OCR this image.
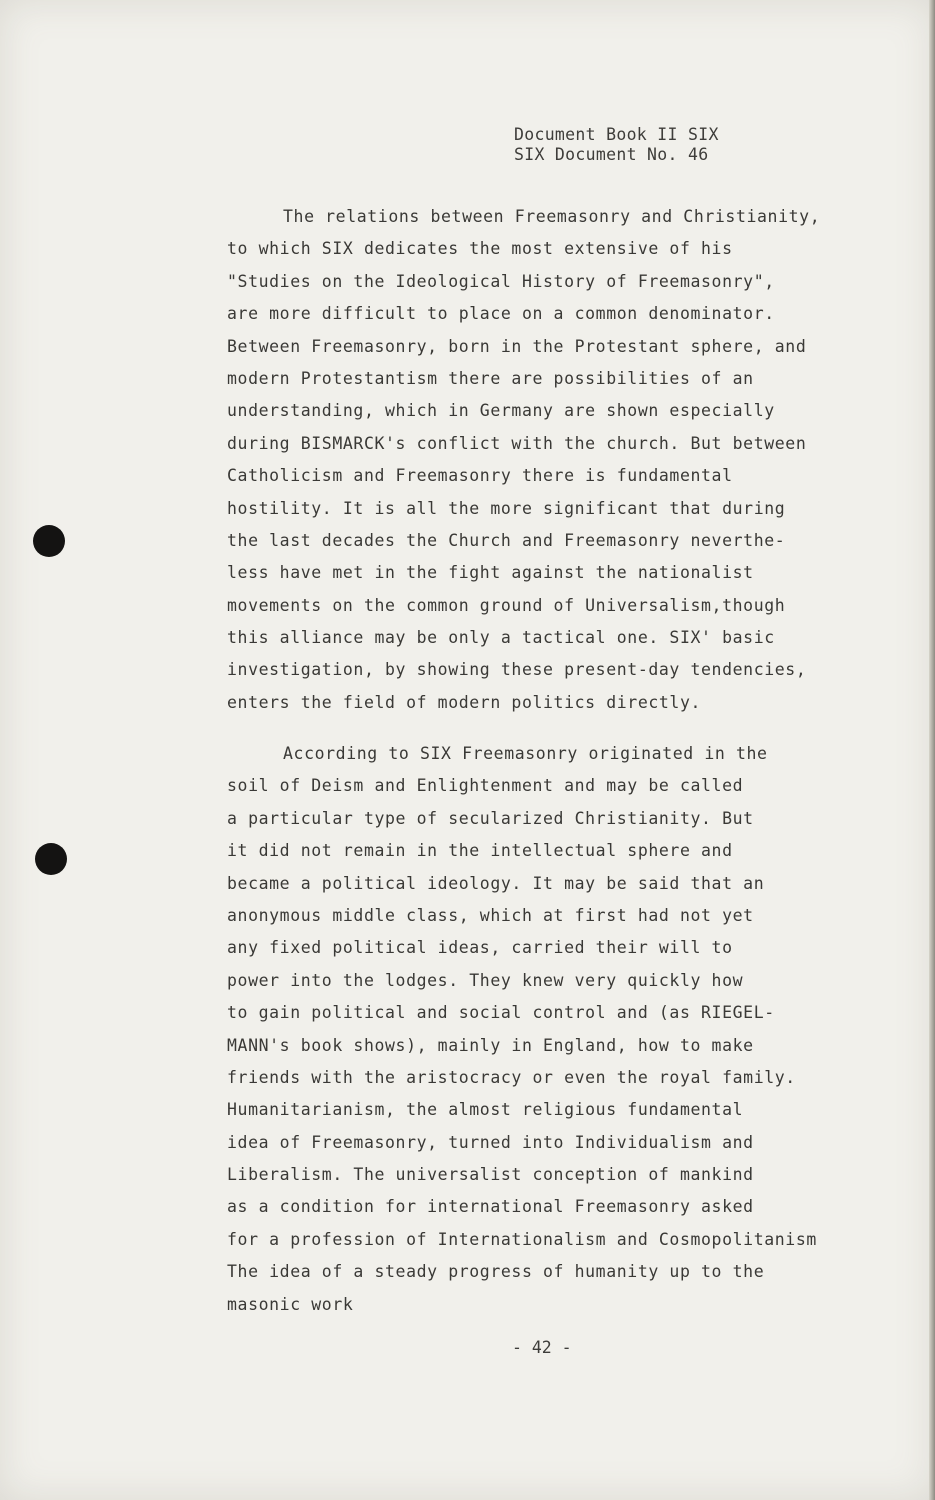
Document Book II SIX
SIX Document No. 46
The relations between Freemasonry and Christianity,
to which SIX dedicates the most extensive of his
"Studies on the Ideological History of Freemasonry",
are more difficult to place on a common denominator.
Between Freemasonry, born in the Protestant sphere, and
modern Protestantism there are possibilities of an
understanding, which in Germany are shown especially
during BISMARCK's conflict with the church. But between
Catholicism and Freemasonry there is fundamental
hostility. It is all the more significant that during
the last decades the Church and Freemasonry neverthe-
less have met in the fight against the nationalist
movements on the common ground of Universalism,though
this alliance may be only a tactical one. SIX' basic
investigation, by showing these present-day tendencies,
enters the field of modern politics directly.
According to SIX Freemasonry originated in the
soil of Deism and Enlightenment and may be called
a particular type of secularized Christianity. But
it did not remain in the intellectual sphere and
became a political ideology. It may be said that an
anonymous middle class, which at first had not yet
any fixed political ideas, carried their will to
power into the lodges. They knew very quickly how
to gain political and social control and (as RIEGEL-
MANN's book shows), mainly in England, how to make
friends with the aristocracy or even the royal family.
Humanitarianism, the almost religious fundamental
idea of Freemasonry, turned into Individualism and
Liberalism. The universalist conception of mankind
as a condition for international Freemasonry asked
for a profession of Internationalism and Cosmopolitanism
The idea of a steady progress of humanity up to the
masonic work
- 42 -
